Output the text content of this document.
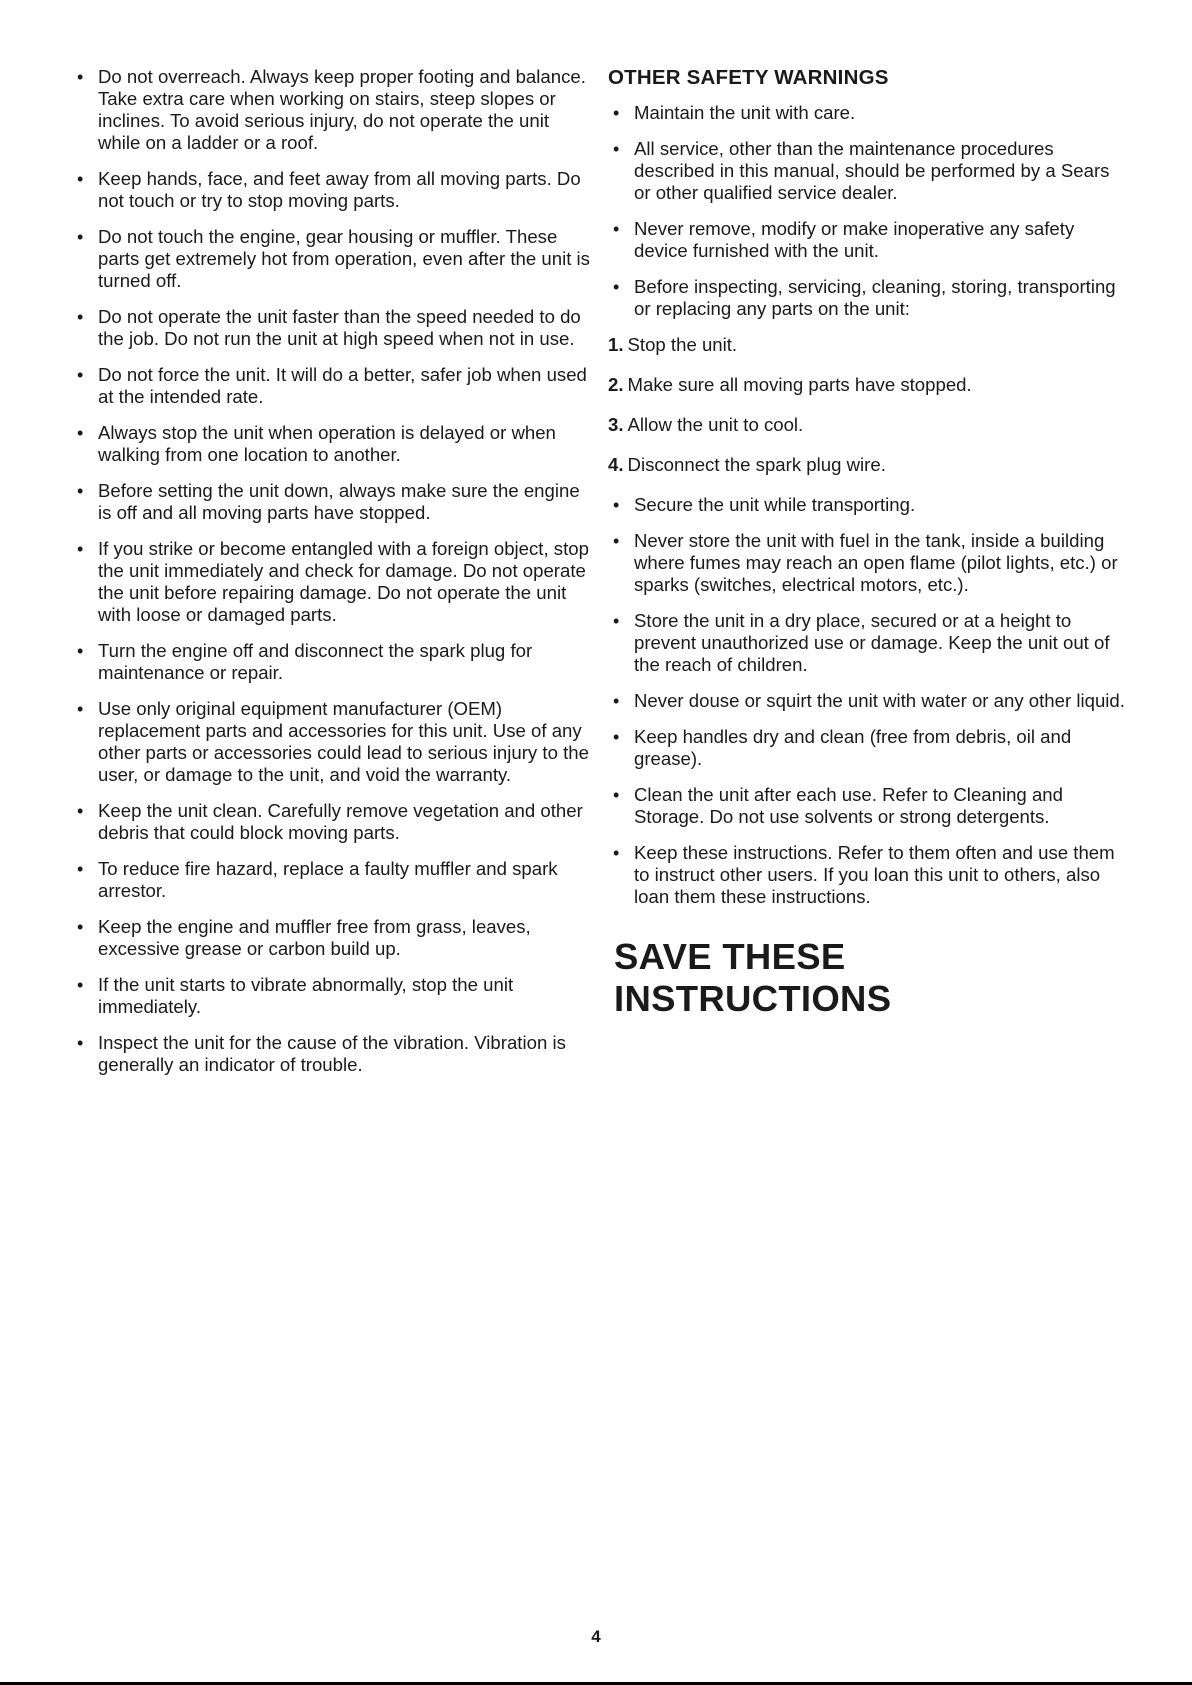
• Do not overreach. Always keep proper footing and balance. Take extra care when working on stairs, steep slopes or inclines. To avoid serious injury, do not operate the unit while on a ladder or a roof.
• Keep hands, face, and feet away from all moving parts. Do not touch or try to stop moving parts.
• Do not touch the engine, gear housing or muffler. These parts get extremely hot from operation, even after the unit is turned off.
• Do not operate the unit faster than the speed needed to do the job. Do not run the unit at high speed when not in use.
• Do not force the unit. It will do a better, safer job when used at the intended rate.
• Always stop the unit when operation is delayed or when walking from one location to another.
• Before setting the unit down, always make sure the engine is off and all moving parts have stopped.
• If you strike or become entangled with a foreign object, stop the unit immediately and check for damage. Do not operate the unit before repairing damage. Do not operate the unit with loose or damaged parts.
• Turn the engine off and disconnect the spark plug for maintenance or repair.
• Use only original equipment manufacturer (OEM) replacement parts and accessories for this unit. Use of any other parts or accessories could lead to serious injury to the user, or damage to the unit, and void the warranty.
• Keep the unit clean. Carefully remove vegetation and other debris that could block moving parts.
• To reduce fire hazard, replace a faulty muffler and spark arrestor.
• Keep the engine and muffler free from grass, leaves, excessive grease or carbon build up.
• If the unit starts to vibrate abnormally, stop the unit immediately.
• Inspect the unit for the cause of the vibration. Vibration is generally an indicator of trouble.
OTHER SAFETY WARNINGS
• Maintain the unit with care.
• All service, other than the maintenance procedures described in this manual, should be performed by a Sears or other qualified service dealer.
• Never remove, modify or make inoperative any safety device furnished with the unit.
• Before inspecting, servicing, cleaning, storing, transporting or replacing any parts on the unit:
1. Stop the unit.
2. Make sure all moving parts have stopped.
3. Allow the unit to cool.
4. Disconnect the spark plug wire.
• Secure the unit while transporting.
• Never store the unit with fuel in the tank, inside a building where fumes may reach an open flame (pilot lights, etc.) or sparks (switches, electrical motors, etc.).
• Store the unit in a dry place, secured or at a height to prevent unauthorized use or damage. Keep the unit out of the reach of children.
• Never douse or squirt the unit with water or any other liquid.
• Keep handles dry and clean (free from debris, oil and grease).
• Clean the unit after each use. Refer to Cleaning and Storage. Do not use solvents or strong detergents.
• Keep these instructions. Refer to them often and use them to instruct other users. If you loan this unit to others, also loan them these instructions.
SAVE THESE INSTRUCTIONS
4
